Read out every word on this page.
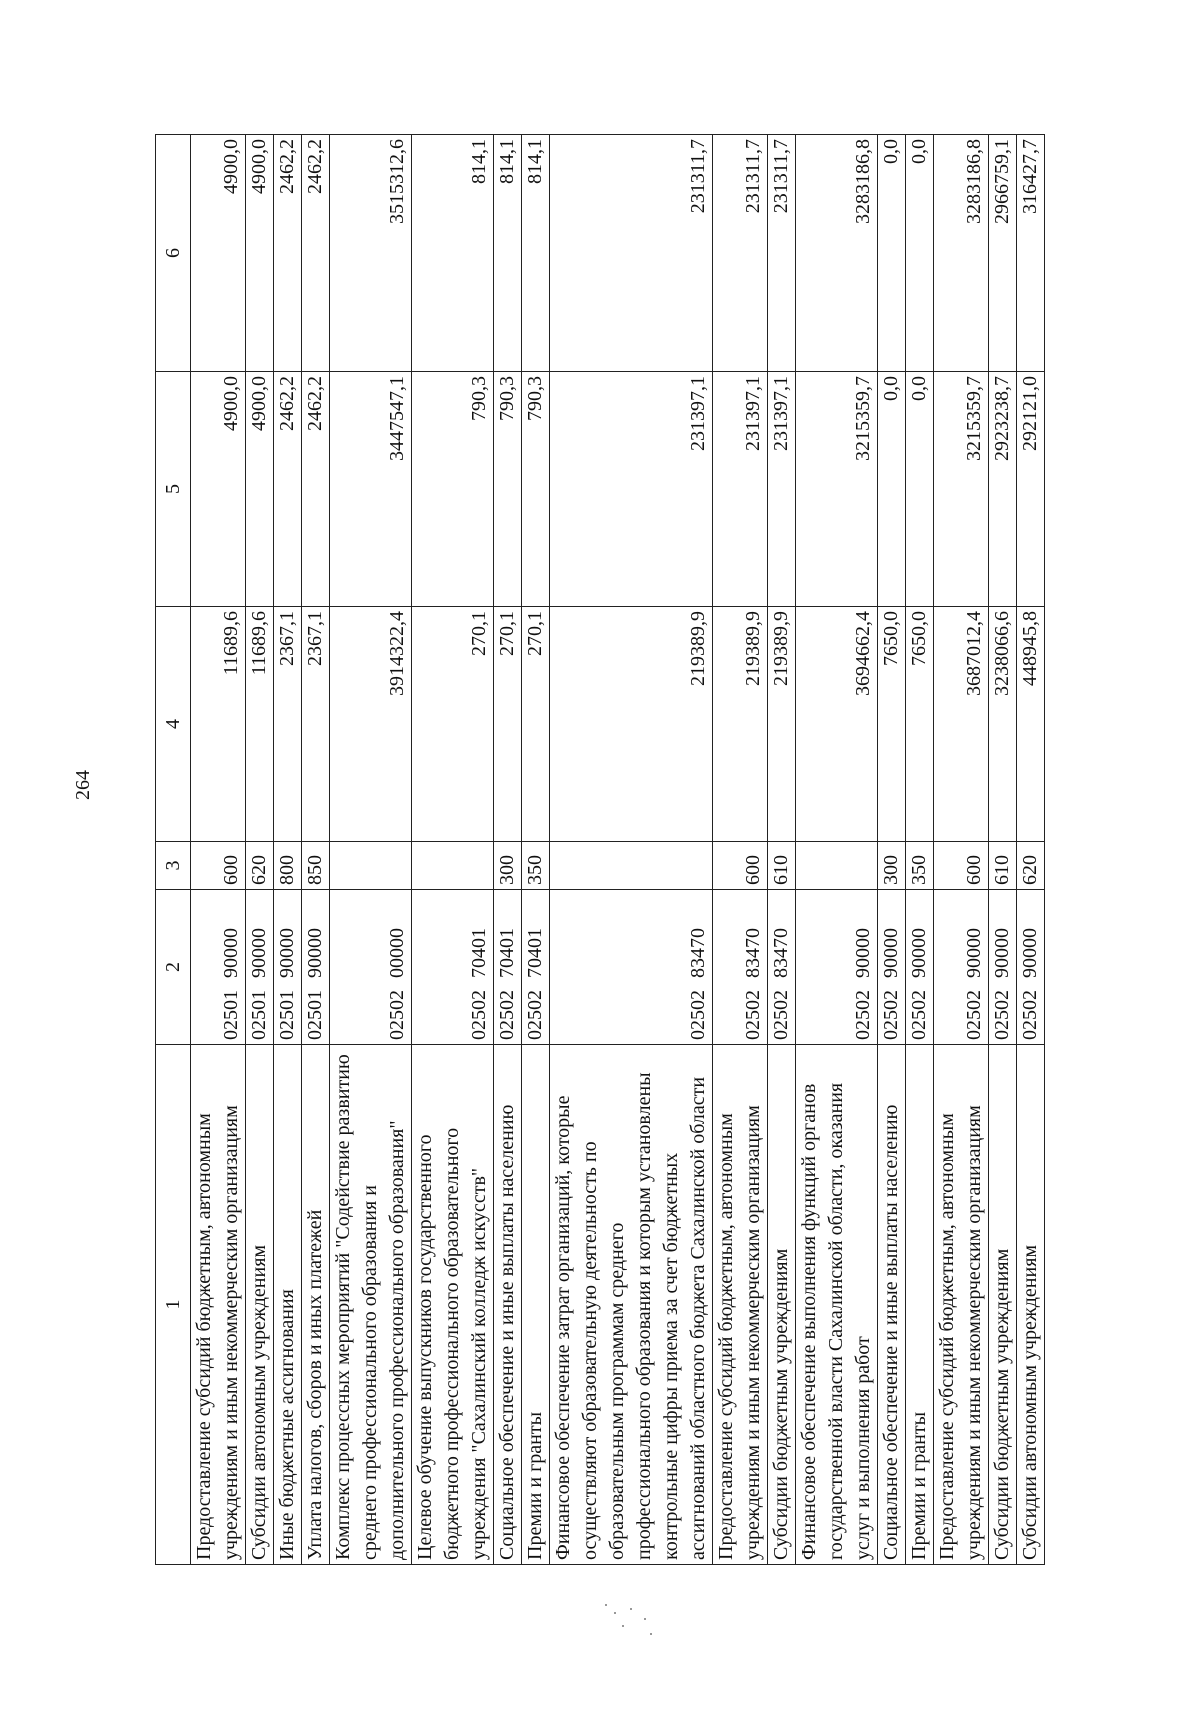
264
1	2	3	4	5	6
Предоставление субсидий бюджетным, автономным учреждениям и иным некоммерческим организациям	0250190000	600	11689,6	4900,0	4900,0
Субсидии автономным учреждениям	0250190000	620	11689,6	4900,0	4900,0
Иные бюджетные ассигнования	0250190000	800	2367,1	2462,2	2462,2
Уплата налогов, сборов и иных платежей	0250190000	850	2367,1	2462,2	2462,2
Комплекс процессных мероприятий "Содействие развитию среднего профессионального образования и дополнительного профессионального образования"	0250200000		3914322,4	3447547,1	3515312,6
Целевое обучение выпускников государственного бюджетного профессионального образовательного учреждения "Сахалинский колледж искусств"	0250270401		270,1	790,3	814,1
Социальное обеспечение и иные выплаты населению	0250270401	300	270,1	790,3	814,1
Премии и гранты	0250270401	350	270,1	790,3	814,1
Финансовое обеспечение затрат организаций, которые осуществляют образовательную деятельность по образовательным программам среднего профессионального образования и которым установлены контрольные цифры приема за счет бюджетных ассигнований областного бюджета Сахалинской области	0250283470		219389,9	231397,1	231311,7
Предоставление субсидий бюджетным, автономным учреждениям и иным некоммерческим организациям	0250283470	600	219389,9	231397,1	231311,7
Субсидии бюджетным учреждениям	0250283470	610	219389,9	231397,1	231311,7
Финансовое обеспечение выполнения функций органов государственной власти Сахалинской области, оказания услуг и выполнения работ	0250290000		3694662,4	3215359,7	3283186,8
Социальное обеспечение и иные выплаты населению	0250290000	300	7650,0	0,0	0,0
Премии и гранты	0250290000	350	7650,0	0,0	0,0
Предоставление субсидий бюджетным, автономным учреждениям и иным некоммерческим организациям	0250290000	600	3687012,4	3215359,7	3283186,8
Субсидии бюджетным учреждениям	0250290000	610	3238066,6	2923238,7	2966759,1
Субсидии автономным учреждениям	0250290000	620	448945,8	292121,0	316427,7
